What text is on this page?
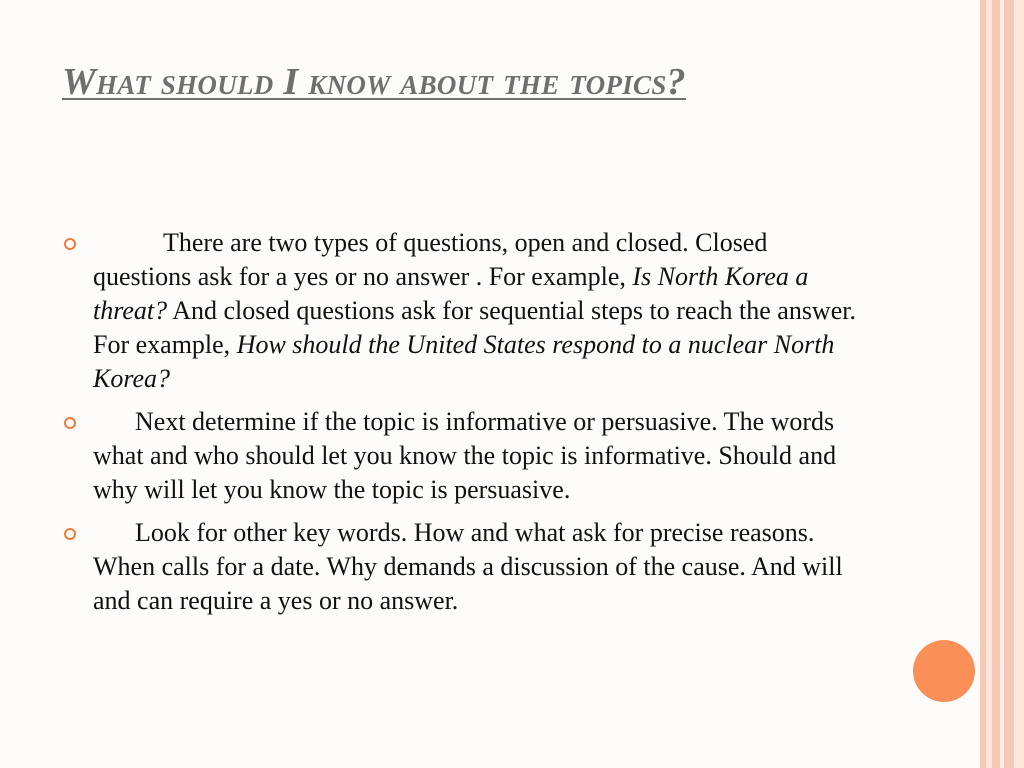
What should I know about the topics?
There are two types of questions, open and closed. Closed questions ask for a yes or no answer . For example, Is North Korea a threat? And closed questions ask for sequential steps to reach the answer. For example, How should the United States respond to a nuclear North Korea?
Next determine if the topic is informative or persuasive. The words what and who should let you know the topic is informative. Should and why will let you know the topic is persuasive.
Look for other key words. How and what ask for precise reasons. When calls for a date. Why demands a discussion of the cause. And will and can require a yes or no answer.
